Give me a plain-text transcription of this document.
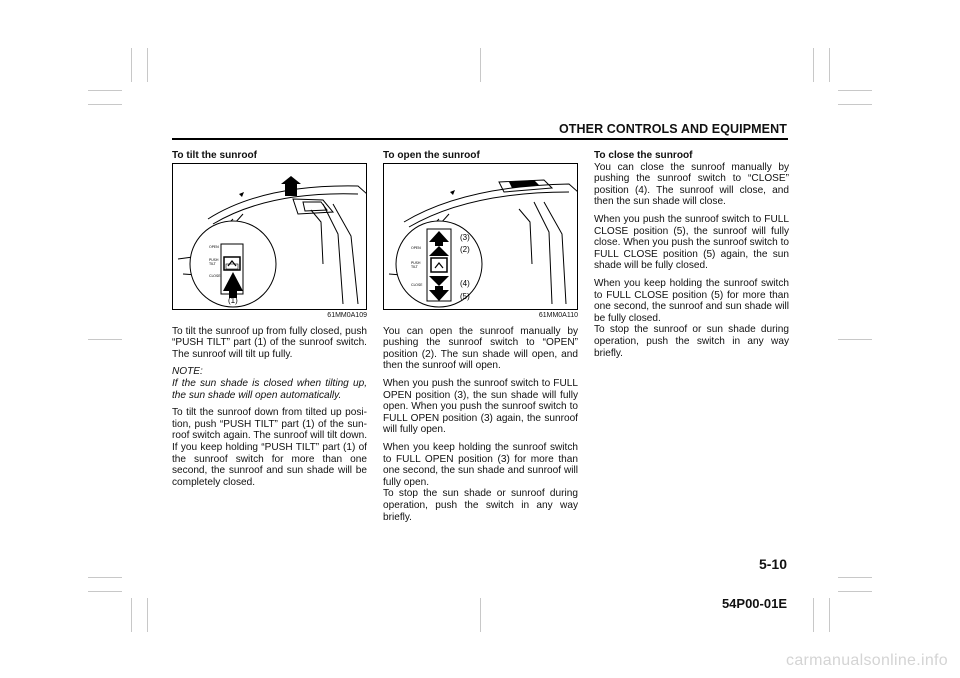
OTHER CONTROLS AND EQUIPMENT
To tilt the sunroof
OPEN
PUSH
TILT
CLOSE
(1)
61MM0A109
To tilt the sunroof up from fully closed, push “PUSH TILT” part (1) of the sunroof switch. The sunroof will tilt up fully.
NOTE:
If the sun shade is closed when tilting up, the sun shade will open automatically.
To tilt the sunroof down from tilted up posi-tion, push “PUSH TILT” part (1) of the sun-roof switch again. The sunroof will tilt down. If you keep holding “PUSH TILT” part (1) of the sunroof switch for more than one second, the sunroof and sun shade will be completely closed.
To open the sunroof
OPEN
PUSH
TILT
CLOSE
(3)
(2)
(4)
(5)
61MM0A110
You can open the sunroof manually by pushing the sunroof switch to “OPEN” position (2). The sun shade will open, and then the sunroof will open.
When you push the sunroof switch to FULL OPEN position (3), the sun shade will fully open. When you push the sunroof switch to FULL OPEN position (3) again, the sunroof will fully open.
When you keep holding the sunroof switch to FULL OPEN position (3) for more than one second, the sun shade and sunroof will fully open.
To stop the sun shade or sunroof during operation, push the switch in any way briefly.
To close the sunroof
You can close the sunroof manually by pushing the sunroof switch to “CLOSE” position (4). The sunroof will close, and then the sun shade will close.
When you push the sunroof switch to FULL CLOSE position (5), the sunroof will fully close. When you push the sunroof switch to FULL CLOSE position (5) again, the sun shade will be fully closed.
When you keep holding the sunroof switch to FULL CLOSE position (5) for more than one second, the sunroof and sun shade will be fully closed.
To stop the sunroof or sun shade during operation, push the switch in any way briefly.
5-10
54P00-01E
carmanualsonline.info
